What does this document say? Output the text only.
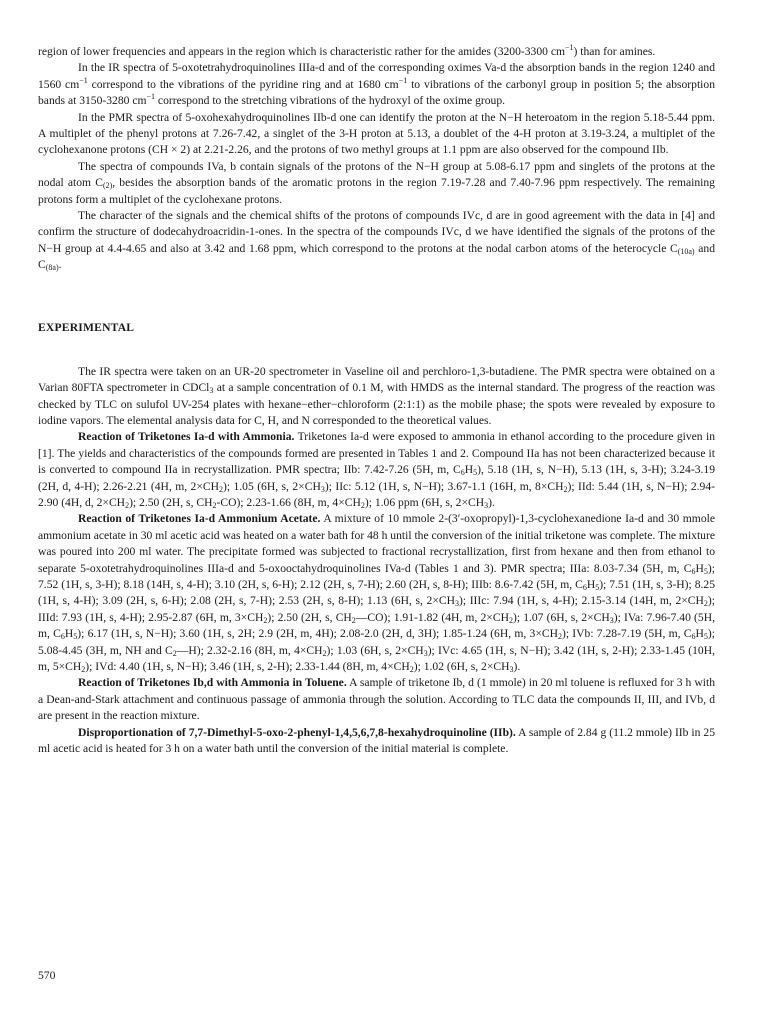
region of lower frequencies and appears in the region which is characteristic rather for the amides (3200-3300 $cm^{-1}$) than for amines.

In the IR spectra of 5-oxotetrahydroquinolines IIIa-d and of the corresponding oximes Va-d the absorption bands in the region 1240 and 1560 $cm^{-1}$ correspond to the vibrations of the pyridine ring and at 1680 $cm^{-1}$ to vibrations of the carbonyl group in position 5; the absorption bands at 3150-3280 $cm^{-1}$ correspond to the stretching vibrations of the hydroxyl of the oxime group.

In the PMR spectra of 5-oxohexahydroquinolines IIb-d one can identify the proton at the N−H heteroatom in the region 5.18-5.44 ppm. A multiplet of the phenyl protons at 7.26-7.42, a singlet of the 3-H proton at 5.13, a doublet of the 4-H proton at 3.19-3.24, a multiplet of the cyclohexanone protons (CH × 2) at 2.21-2.26, and the protons of two methyl groups at 1.1 ppm are also observed for the compound IIb.

The spectra of compounds IVa, b contain signals of the protons of the N−H group at 5.08-6.17 ppm and singlets of the protons at the nodal atom $C_{(2)}$, besides the absorption bands of the aromatic protons in the region 7.19-7.28 and 7.40-7.96 ppm respectively. The remaining protons form a multiplet of the cyclohexane protons.

The character of the signals and the chemical shifts of the protons of compounds IVc, d are in good agreement with the data in [4] and confirm the structure of dodecahydroacridin-1-ones. In the spectra of the compounds IVc, d we have identified the signals of the protons of the N−H group at 4.4-4.65 and also at 3.42 and 1.68 ppm, which correspond to the protons at the nodal carbon atoms of the heterocycle $C_{(10a)}$ and $C_{(8a)}$.

EXPERIMENTAL

The IR spectra were taken on an UR-20 spectrometer in Vaseline oil and perchloro-1,3-butadiene. The PMR spectra were obtained on a Varian 80FTA spectrometer in CDCl$_3$ at a sample concentration of 0.1 M, with HMDS as the internal standard. The progress of the reaction was checked by TLC on sulufol UV-254 plates with hexane−ether−chloroform (2:1:1) as the mobile phase; the spots were revealed by exposure to iodine vapors. The elemental analysis data for C, H, and N corresponded to the theoretical values.

Reaction of Triketones Ia-d with Ammonia. Triketones Ia-d were exposed to ammonia in ethanol according to the procedure given in [1]. The yields and characteristics of the compounds formed are presented in Tables 1 and 2. Compound IIa has not been characterized because it is converted to compound IIa in recrystallization. PMR spectra; IIb: 7.42-7.26 (5H, m, $C_6H_5$), 5.18 (1H, s, N−H), 5.13 (1H, s, 3-H); 3.24-3.19 (2H, d, 4-H); 2.26-2.21 (4H, m, $2\times CH_2$); 1.05 (6H, s, $2\times CH_3$); IIc: 5.12 (1H, s, N−H); 3.67-1.1 (16H, m, $8\times CH_2$); IId: 5.44 (1H, s, N−H); 2.94-2.90 (4H, d, $2\times CH_2$); 2.50 (2H, s, $CH_2-CO$); 2.23-1.66 (8H, m, $4\times CH_2$); 1.06 ppm (6H, s, $2\times CH_3$).

Reaction of Triketones Ia-d Ammonium Acetate. A mixture of 10 mmole 2-(3′-oxopropyl)-1,3-cyclohexanedione Ia-d and 30 mmole ammonium acetate in 30 ml acetic acid was heated on a water bath for 48 h until the conversion of the initial triketone was complete. The mixture was poured into 200 ml water. The precipitate formed was subjected to fractional recrystallization, first from hexane and then from ethanol to separate 5-oxotetrahydroquinolines IIIa-d and 5-oxooctahydroquinolines IVa-d (Tables 1 and 3). PMR spectra; IIIa: 8.03-7.34 (5H, m, $C_6H_5$); 7.52 (1H, s, 3-H); 8.18 (14H, s, 4-H); 3.10 (2H, s, 6-H); 2.12 (2H, s, 7-H); 2.60 (2H, s, 8-H); IIIb: 8.6-7.42 (5H, m, $C_6H_5$); 7.51 (1H, s, 3-H); 8.25 (1H, s, 4-H); 3.09 (2H, s, 6-H); 2.08 (2H, s, 7-H); 2.53 (2H, s, 8-H); 1.13 (6H, s, $2\times CH_3$); IIIc: 7.94 (1H, s, 4-H); 2.15-3.14 (14H, m, $2\times CH_2$); IIId: 7.93 (1H, s, 4-H); 2.95-2.87 (6H, m, $3\times CH_2$); 2.50 (2H, s, $CH_2—CO$); 1.91-1.82 (4H, m, $2\times CH_2$); 1.07 (6H, s, $2\times CH_3$); IVa: 7.96-7.40 (5H, m, $C_6H_5$); 6.17 (1H, s, N−H); 3.60 (1H, s, 2H; 2.9 (2H, m, 4H); 2.08-2.0 (2H, d, 3H); 1.85-1.24 (6H, m, $3\times CH_2$); IVb: 7.28-7.19 (5H, m, $C_6H_5$); 5.08-4.45 (3H, m, NH and $C_2—H$); 2.32-2.16 (8H, m, $4\times CH_2$); 1.03 (6H, s, $2\times CH_3$); IVc: 4.65 (1H, s, N−H); 3.42 (1H, s, 2-H); 2.33-1.45 (10H, m, $5\times CH_2$); IVd: 4.40 (1H, s, N−H); 3.46 (1H, s, 2-H); 2.33-1.44 (8H, m, $4\times CH_2$); 1.02 (6H, s, $2\times CH_3$).

Reaction of Triketones Ib,d with Ammonia in Toluene. A sample of triketone Ib, d (1 mmole) in 20 ml toluene is refluxed for 3 h with a Dean-and-Stark attachment and continuous passage of ammonia through the solution. According to TLC data the compounds II, III, and IVb, d are present in the reaction mixture.

Disproportionation of 7,7-Dimethyl-5-oxo-2-phenyl-1,4,5,6,7,8-hexahydroquinoline (IIb). A sample of 2.84 g (11.2 mmole) IIb in 25 ml acetic acid is heated for 3 h on a water bath until the conversion of the initial material is complete.

570
